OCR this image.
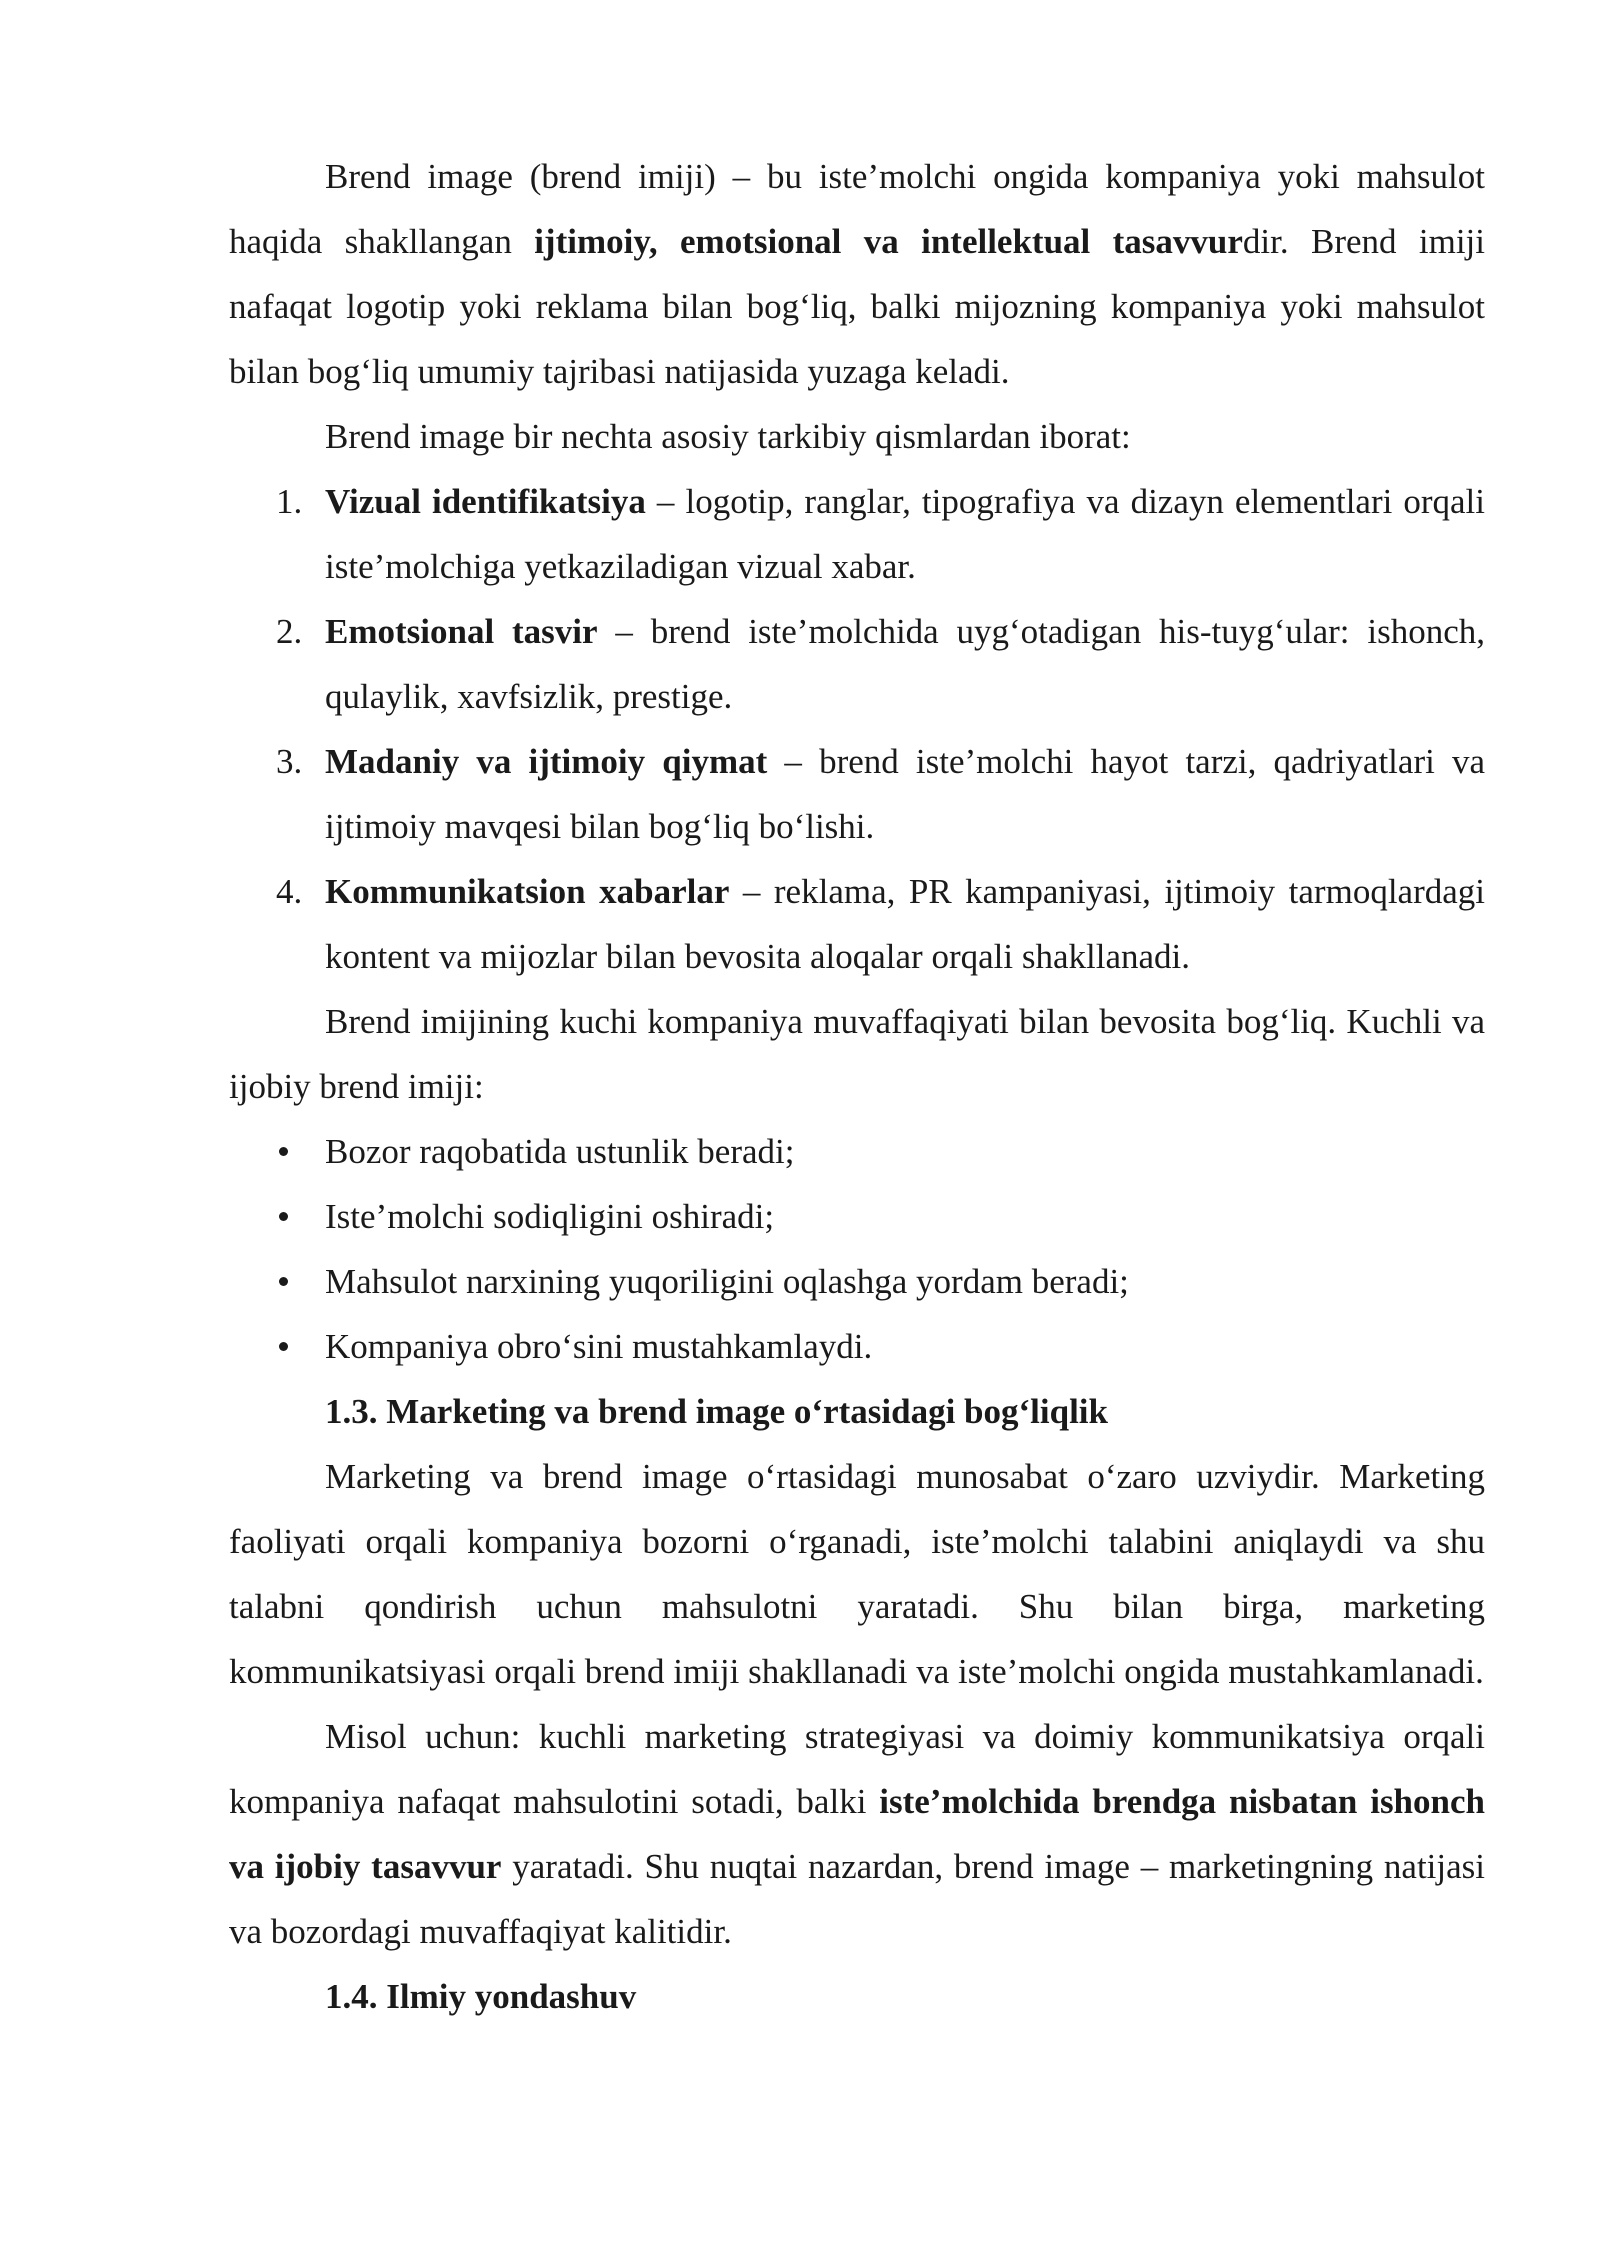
Brend image (brend imiji) – bu iste’molchi ongida kompaniya yoki mahsulot haqida shakllangan ijtimoiy, emotsional va intellektual tasavvurdir. Brend imiji nafaqat logotip yoki reklama bilan bog‘liq, balki mijozning kompaniya yoki mahsulot bilan bog‘liq umumiy tajribasi natijasida yuzaga keladi.

Brend image bir nechta asosiy tarkibiy qismlardan iborat:

1. Vizual identifikatsiya – logotip, ranglar, tipografiya va dizayn elementlari orqali iste’molchiga yetkaziladigan vizual xabar.
2. Emotsional tasvir – brend iste’molchida uyg‘otadigan his-tuyg‘ular: ishonch, qulaylik, xavfsizlik, prestige.
3. Madaniy va ijtimoiy qiymat – brend iste’molchi hayot tarzi, qadriyatlari va ijtimoiy mavqesi bilan bog‘liq bo‘lishi.
4. Kommunikatsion xabarlar – reklama, PR kampaniyasi, ijtimoiy tarmoqlardagi kontent va mijozlar bilan bevosita aloqalar orqali shakllanadi.

Brend imijining kuchi kompaniya muvaffaqiyati bilan bevosita bog‘liq. Kuchli va ijobiy brend imiji:

Bozor raqobatida ustunlik beradi;
Iste’molchi sodiqligini oshiradi;
Mahsulot narxining yuqoriligini oqlashga yordam beradi;
Kompaniya obro‘sini mustahkamlaydi.

1.3. Marketing va brend image o‘rtasidagi bog‘liqlik

Marketing va brend image o‘rtasidagi munosabat o‘zaro uzviydir. Marketing faoliyati orqali kompaniya bozorni o‘rganadi, iste’molchi talabini aniqlaydi va shu talabni qondirish uchun mahsulotni yaratadi. Shu bilan birga, marketing kommunikatsiyasi orqali brend imiji shakllanadi va iste’molchi ongida mustahkamlanadi.

Misol uchun: kuchli marketing strategiyasi va doimiy kommunikatsiya orqali kompaniya nafaqat mahsulotini sotadi, balki iste’molchida brendga nisbatan ishonch va ijobiy tasavvur yaratadi. Shu nuqtai nazardan, brend image – marketingning natijasi va bozordagi muvaffaqiyat kalitidir.

1.4. Ilmiy yondashuv
